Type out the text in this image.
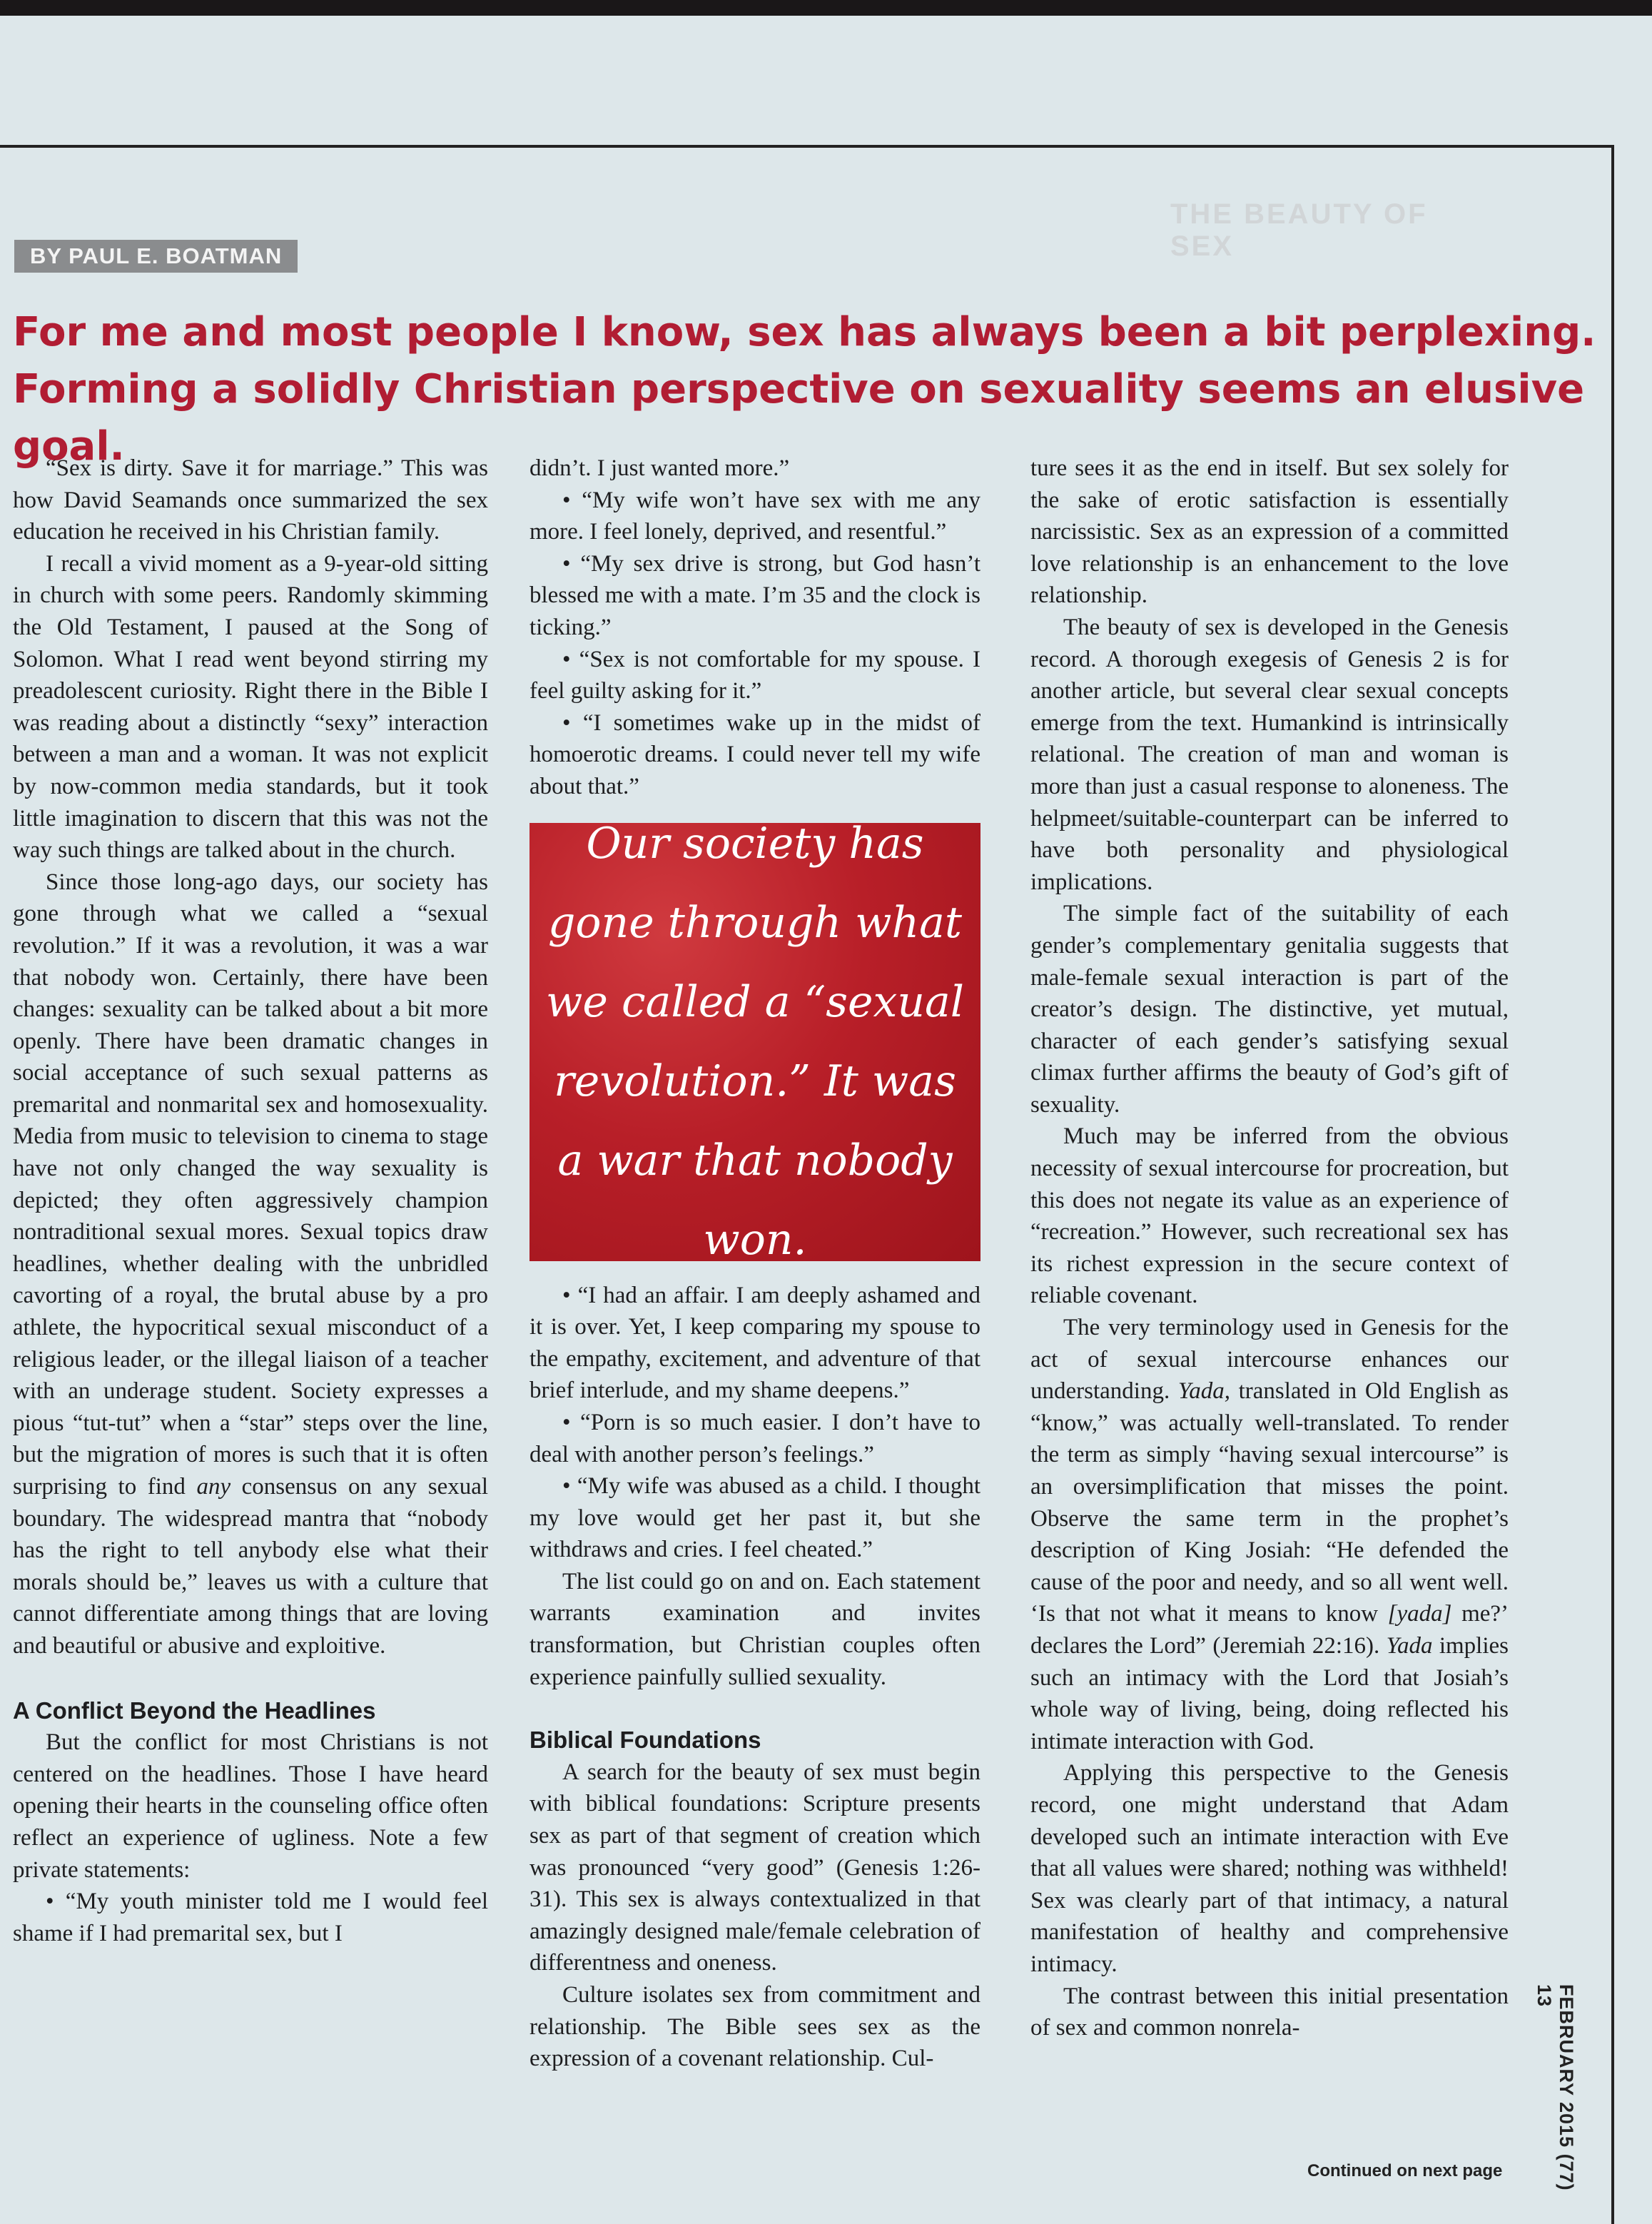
THE BEAUTY OF SEX
BY PAUL E. BOATMAN
For me and most people I know, sex has always been a bit perplexing. Forming a solidly Christian perspective on sexuality seems an elusive goal.

“Sex is dirty. Save it for marriage.” This was how David Seamands once summarized the sex education he received in his Christian family.

I recall a vivid moment as a 9-year-old sitting in church with some peers. Randomly skimming the Old Testament, I paused at the Song of Solomon. What I read went beyond stirring my preadolescent curiosity. Right there in the Bible I was reading about a distinctly “sexy” interaction between a man and a woman. It was not explicit by now-common media standards, but it took little imagination to discern that this was not the way such things are talked about in the church.

Since those long-ago days, our society has gone through what we called a “sexual revolution.” If it was a revolution, it was a war that nobody won. Certainly, there have been changes: sexuality can be talked about a bit more openly. There have been dramatic changes in social acceptance of such sexual patterns as premarital and nonmarital sex and homosexuality. Media from music to television to cinema to stage have not only changed the way sexuality is depicted; they often aggressively champion nontraditional sexual mores. Sexual topics draw headlines, whether dealing with the unbridled cavorting of a royal, the brutal abuse by a pro athlete, the hypocritical sexual misconduct of a religious leader, or the illegal liaison of a teacher with an underage student. Society expresses a pious “tut-tut” when a “star” steps over the line, but the migration of mores is such that it is often surprising to find any consensus on any sexual boundary. The widespread mantra that “nobody has the right to tell anybody else what their morals should be,” leaves us with a culture that cannot differentiate among things that are loving and beautiful or abusive and exploitive.

A Conflict Beyond the Headlines

But the conflict for most Christians is not centered on the headlines. Those I have heard opening their hearts in the counseling office often reflect an experience of ugliness. Note a few private statements:

• “My youth minister told me I would feel shame if I had premarital sex, but I

didn’t. I just wanted more.”

• “My wife won’t have sex with me any more. I feel lonely, deprived, and resentful.”

• “My sex drive is strong, but God hasn’t blessed me with a mate. I’m 35 and the clock is ticking.”

• “Sex is not comfortable for my spouse. I feel guilty asking for it.”

• “I sometimes wake up in the midst of homoerotic dreams. I could never tell my wife about that.”

Our society has gone through what we called a “sexual revolution.” It was a war that nobody won.

• “I had an affair. I am deeply ashamed and it is over. Yet, I keep comparing my spouse to the empathy, excitement, and adventure of that brief interlude, and my shame deepens.”

• “Porn is so much easier. I don’t have to deal with another person’s feelings.”

• “My wife was abused as a child. I thought my love would get her past it, but she withdraws and cries. I feel cheated.”

The list could go on and on. Each statement warrants examination and invites transformation, but Christian couples often experience painfully sullied sexuality.

Biblical Foundations

A search for the beauty of sex must begin with biblical foundations: Scripture presents sex as part of that segment of creation which was pronounced “very good” (Genesis 1:26-31). This sex is always contextualized in that amazingly designed male/female celebration of differentness and oneness.

Culture isolates sex from commitment and relationship. The Bible sees sex as the expression of a covenant relationship. Cul-

ture sees it as the end in itself. But sex solely for the sake of erotic satisfaction is essentially narcissistic. Sex as an expression of a committed love relationship is an enhancement to the love relationship.

The beauty of sex is developed in the Genesis record. A thorough exegesis of Genesis 2 is for another article, but several clear sexual concepts emerge from the text. Humankind is intrinsically relational. The creation of man and woman is more than just a casual response to aloneness. The helpmeet/suitable-counterpart can be inferred to have both personality and physiological implications.

The simple fact of the suitability of each gender’s complementary genitalia suggests that male-female sexual interaction is part of the creator’s design. The distinctive, yet mutual, character of each gender’s satisfying sexual climax further affirms the beauty of God’s gift of sexuality.

Much may be inferred from the obvious necessity of sexual intercourse for procreation, but this does not negate its value as an experience of “recreation.” However, such recreational sex has its richest expression in the secure context of reliable covenant.

The very terminology used in Genesis for the act of sexual intercourse enhances our understanding. Yada, translated in Old English as “know,” was actually well-translated. To render the term as simply “having sexual intercourse” is an oversimplification that misses the point. Observe the same term in the prophet’s description of King Josiah: “He defended the cause of the poor and needy, and so all went well. ‘Is that not what it means to know [yada] me?’ declares the Lord” (Jeremiah 22:16). Yada implies such an intimacy with the Lord that Josiah’s whole way of living, being, doing reflected his intimate interaction with God.

Applying this perspective to the Genesis record, one might understand that Adam developed such an intimate interaction with Eve that all values were shared; nothing was withheld! Sex was clearly part of that intimacy, a natural manifestation of healthy and comprehensive intimacy.

The contrast between this initial presentation of sex and common nonrela-	FEBRUARY 2015 (77) 13
Continued on next page
